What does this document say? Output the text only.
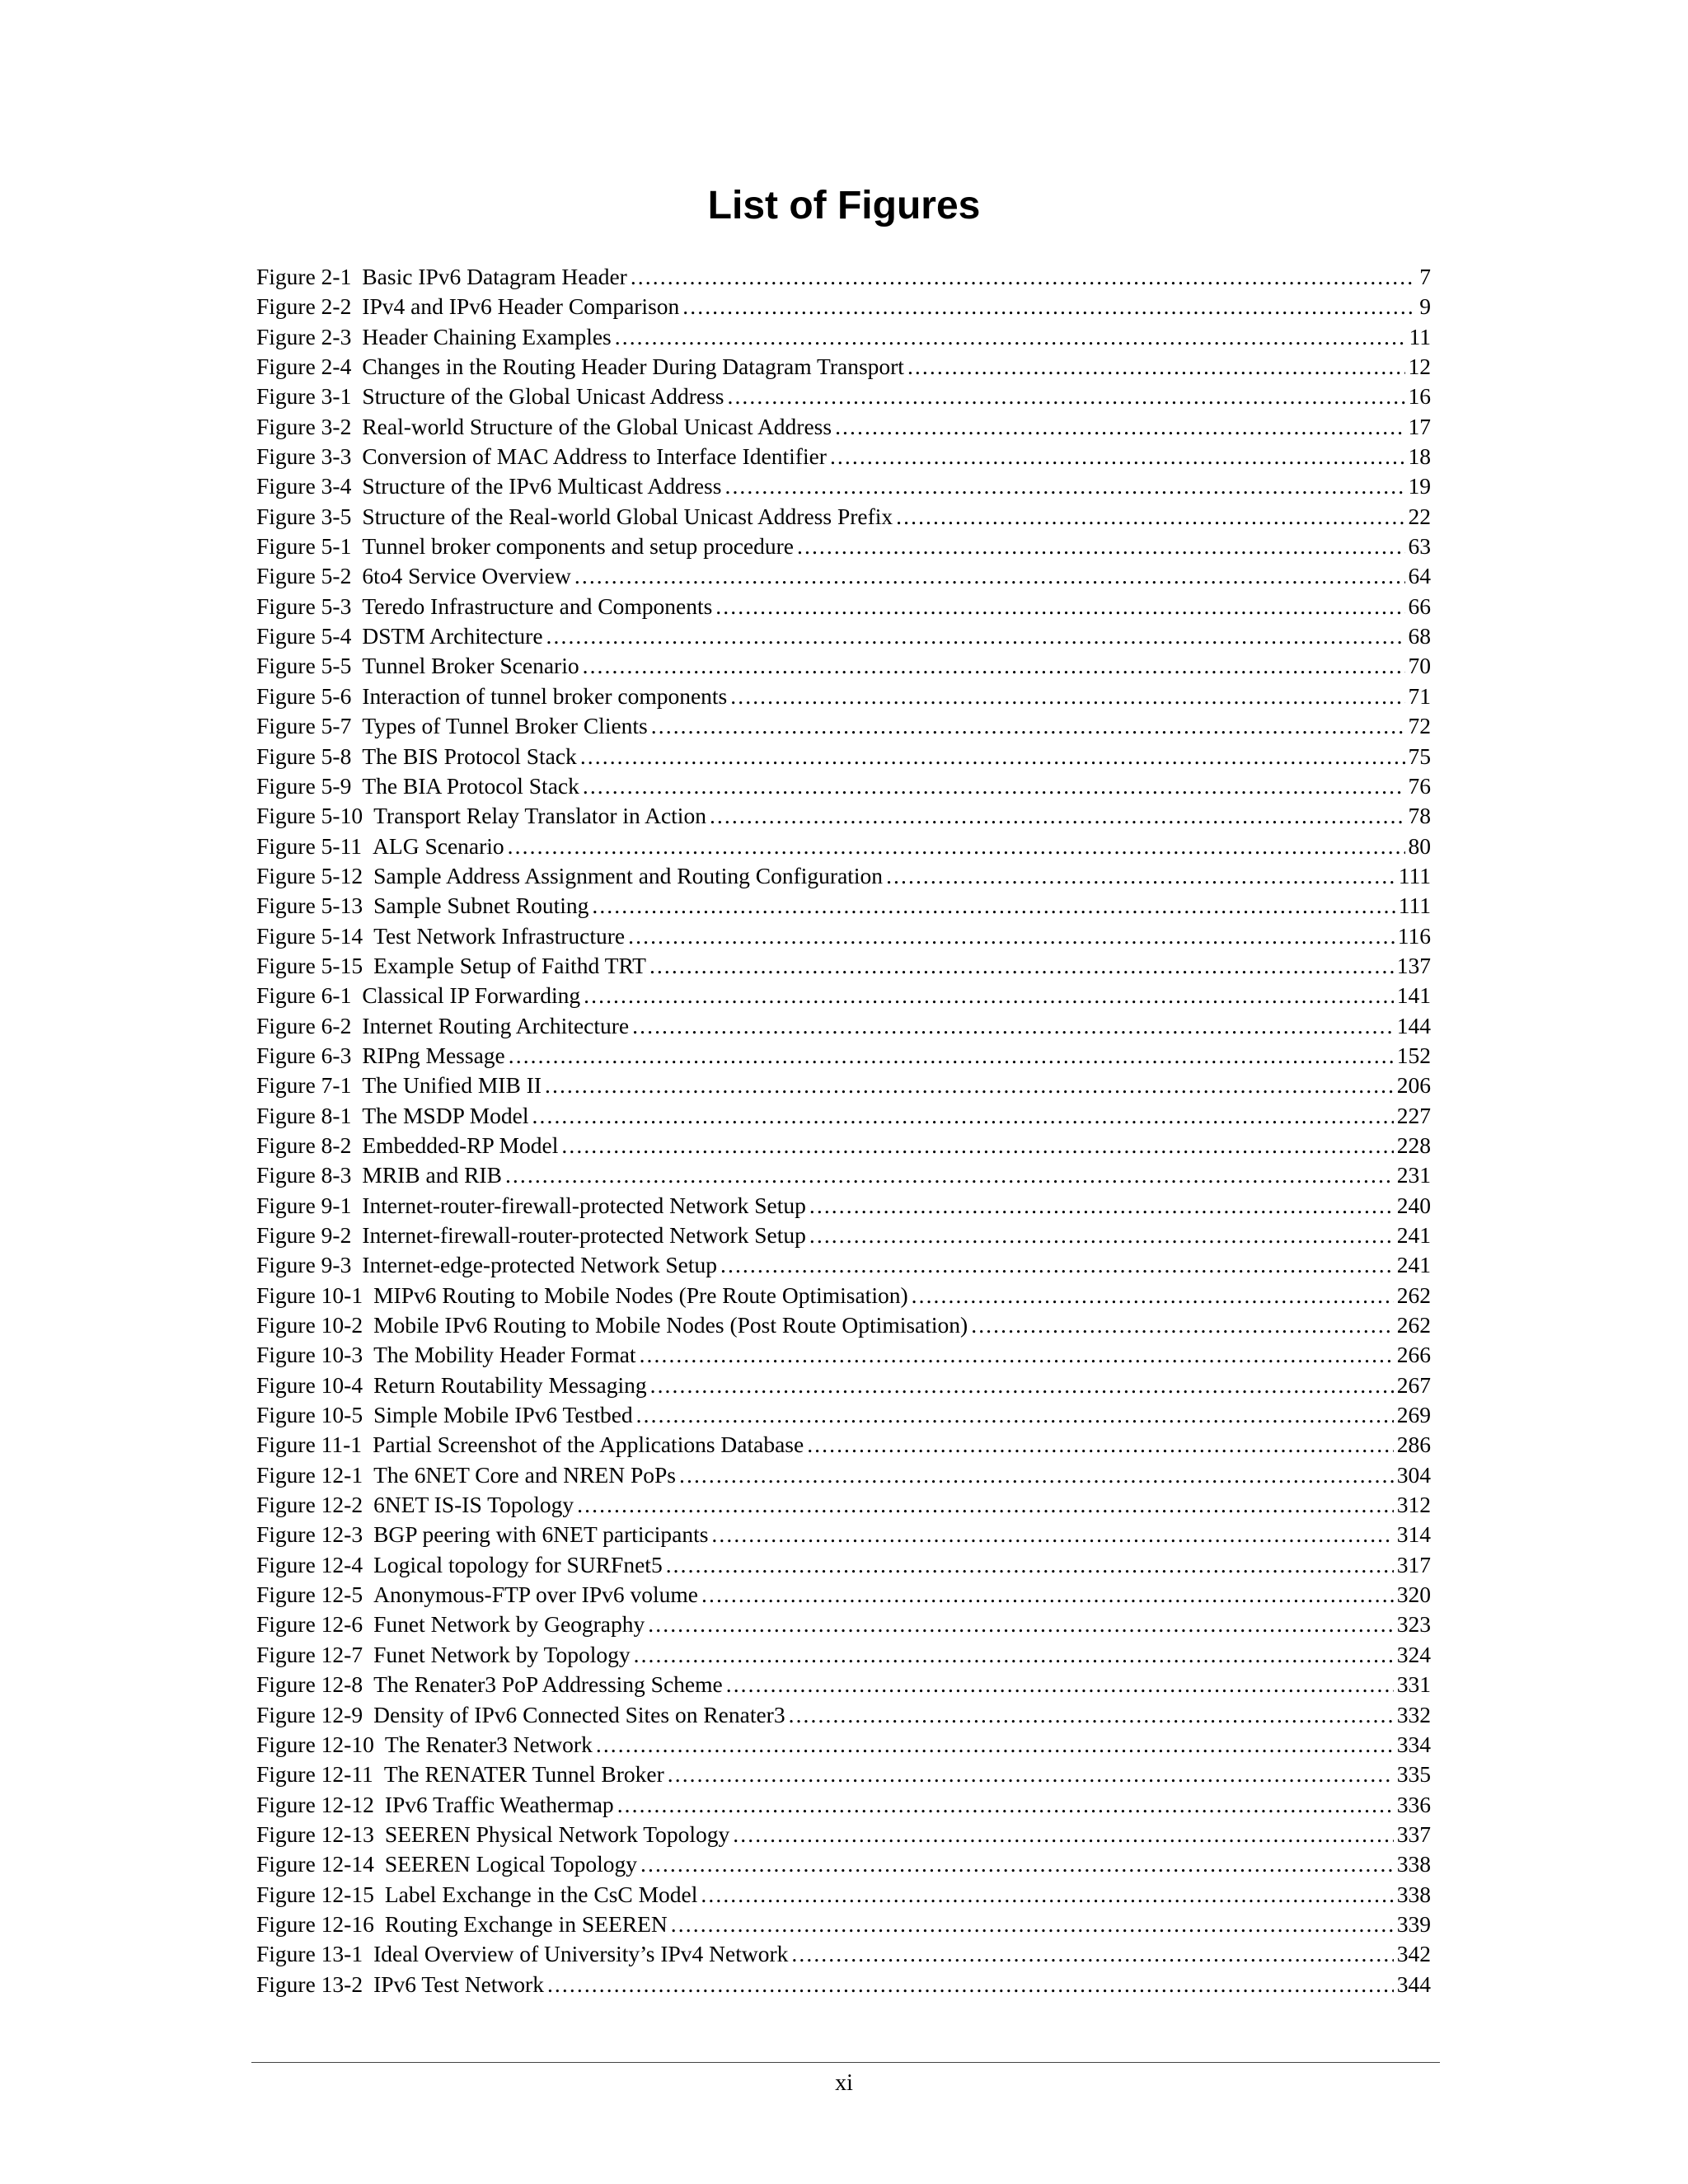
List of Figures
Figure 2-1 Basic IPv6 Datagram Header .....	7
Figure 2-2 IPv4 and IPv6 Header Comparison .....	9
Figure 2-3 Header Chaining Examples .....	11
Figure 2-4 Changes in the Routing Header During Datagram Transport .....	12
Figure 3-1 Structure of the Global Unicast Address .....	16
Figure 3-2 Real-world Structure of the Global Unicast Address .....	17
Figure 3-3 Conversion of MAC Address to Interface Identifier .....	18
Figure 3-4 Structure of the IPv6 Multicast Address .....	19
Figure 3-5 Structure of the Real-world Global Unicast Address Prefix .....	22
Figure 5-1 Tunnel broker components and setup procedure .....	63
Figure 5-2 6to4 Service Overview .....	64
Figure 5-3 Teredo Infrastructure and Components .....	66
Figure 5-4 DSTM Architecture .....	68
Figure 5-5 Tunnel Broker Scenario .....	70
Figure 5-6 Interaction of tunnel broker components .....	71
Figure 5-7 Types of Tunnel Broker Clients .....	72
Figure 5-8 The BIS Protocol Stack .....	75
Figure 5-9 The BIA Protocol Stack .....	76
Figure 5-10 Transport Relay Translator in Action .....	78
Figure 5-11 ALG Scenario .....	80
Figure 5-12 Sample Address Assignment and Routing Configuration .....	111
Figure 5-13 Sample Subnet Routing .....	111
Figure 5-14 Test Network Infrastructure .....	116
Figure 5-15 Example Setup of Faithd TRT .....	137
Figure 6-1 Classical IP Forwarding .....	141
Figure 6-2 Internet Routing Architecture .....	144
Figure 6-3 RIPng Message .....	152
Figure 7-1 The Unified MIB II .....	206
Figure 8-1 The MSDP Model .....	227
Figure 8-2 Embedded-RP Model .....	228
Figure 8-3 MRIB and RIB .....	231
Figure 9-1 Internet-router-firewall-protected Network Setup .....	240
Figure 9-2 Internet-firewall-router-protected Network Setup .....	241
Figure 9-3 Internet-edge-protected Network Setup .....	241
Figure 10-1 MIPv6 Routing to Mobile Nodes (Pre Route Optimisation) .....	262
Figure 10-2 Mobile IPv6 Routing to Mobile Nodes (Post Route Optimisation) .....	262
Figure 10-3 The Mobility Header Format .....	266
Figure 10-4 Return Routability Messaging .....	267
Figure 10-5 Simple Mobile IPv6 Testbed .....	269
Figure 11-1 Partial Screenshot of the Applications Database .....	286
Figure 12-1 The 6NET Core and NREN PoPs .....	304
Figure 12-2 6NET IS-IS Topology .....	312
Figure 12-3 BGP peering with 6NET participants .....	314
Figure 12-4 Logical topology for SURFnet5 .....	317
Figure 12-5 Anonymous-FTP over IPv6 volume .....	320
Figure 12-6 Funet Network by Geography .....	323
Figure 12-7 Funet Network by Topology .....	324
Figure 12-8 The Renater3 PoP Addressing Scheme .....	331
Figure 12-9 Density of IPv6 Connected Sites on Renater3 .....	332
Figure 12-10 The Renater3 Network .....	334
Figure 12-11 The RENATER Tunnel Broker .....	335
Figure 12-12 IPv6 Traffic Weathermap .....	336
Figure 12-13 SEEREN Physical Network Topology .....	337
Figure 12-14 SEEREN Logical Topology .....	338
Figure 12-15 Label Exchange in the CsC Model .....	338
Figure 12-16 Routing Exchange in SEEREN .....	339
Figure 13-1 Ideal Overview of University’s IPv4 Network .....	342
Figure 13-2 IPv6 Test Network .....	344
xi
